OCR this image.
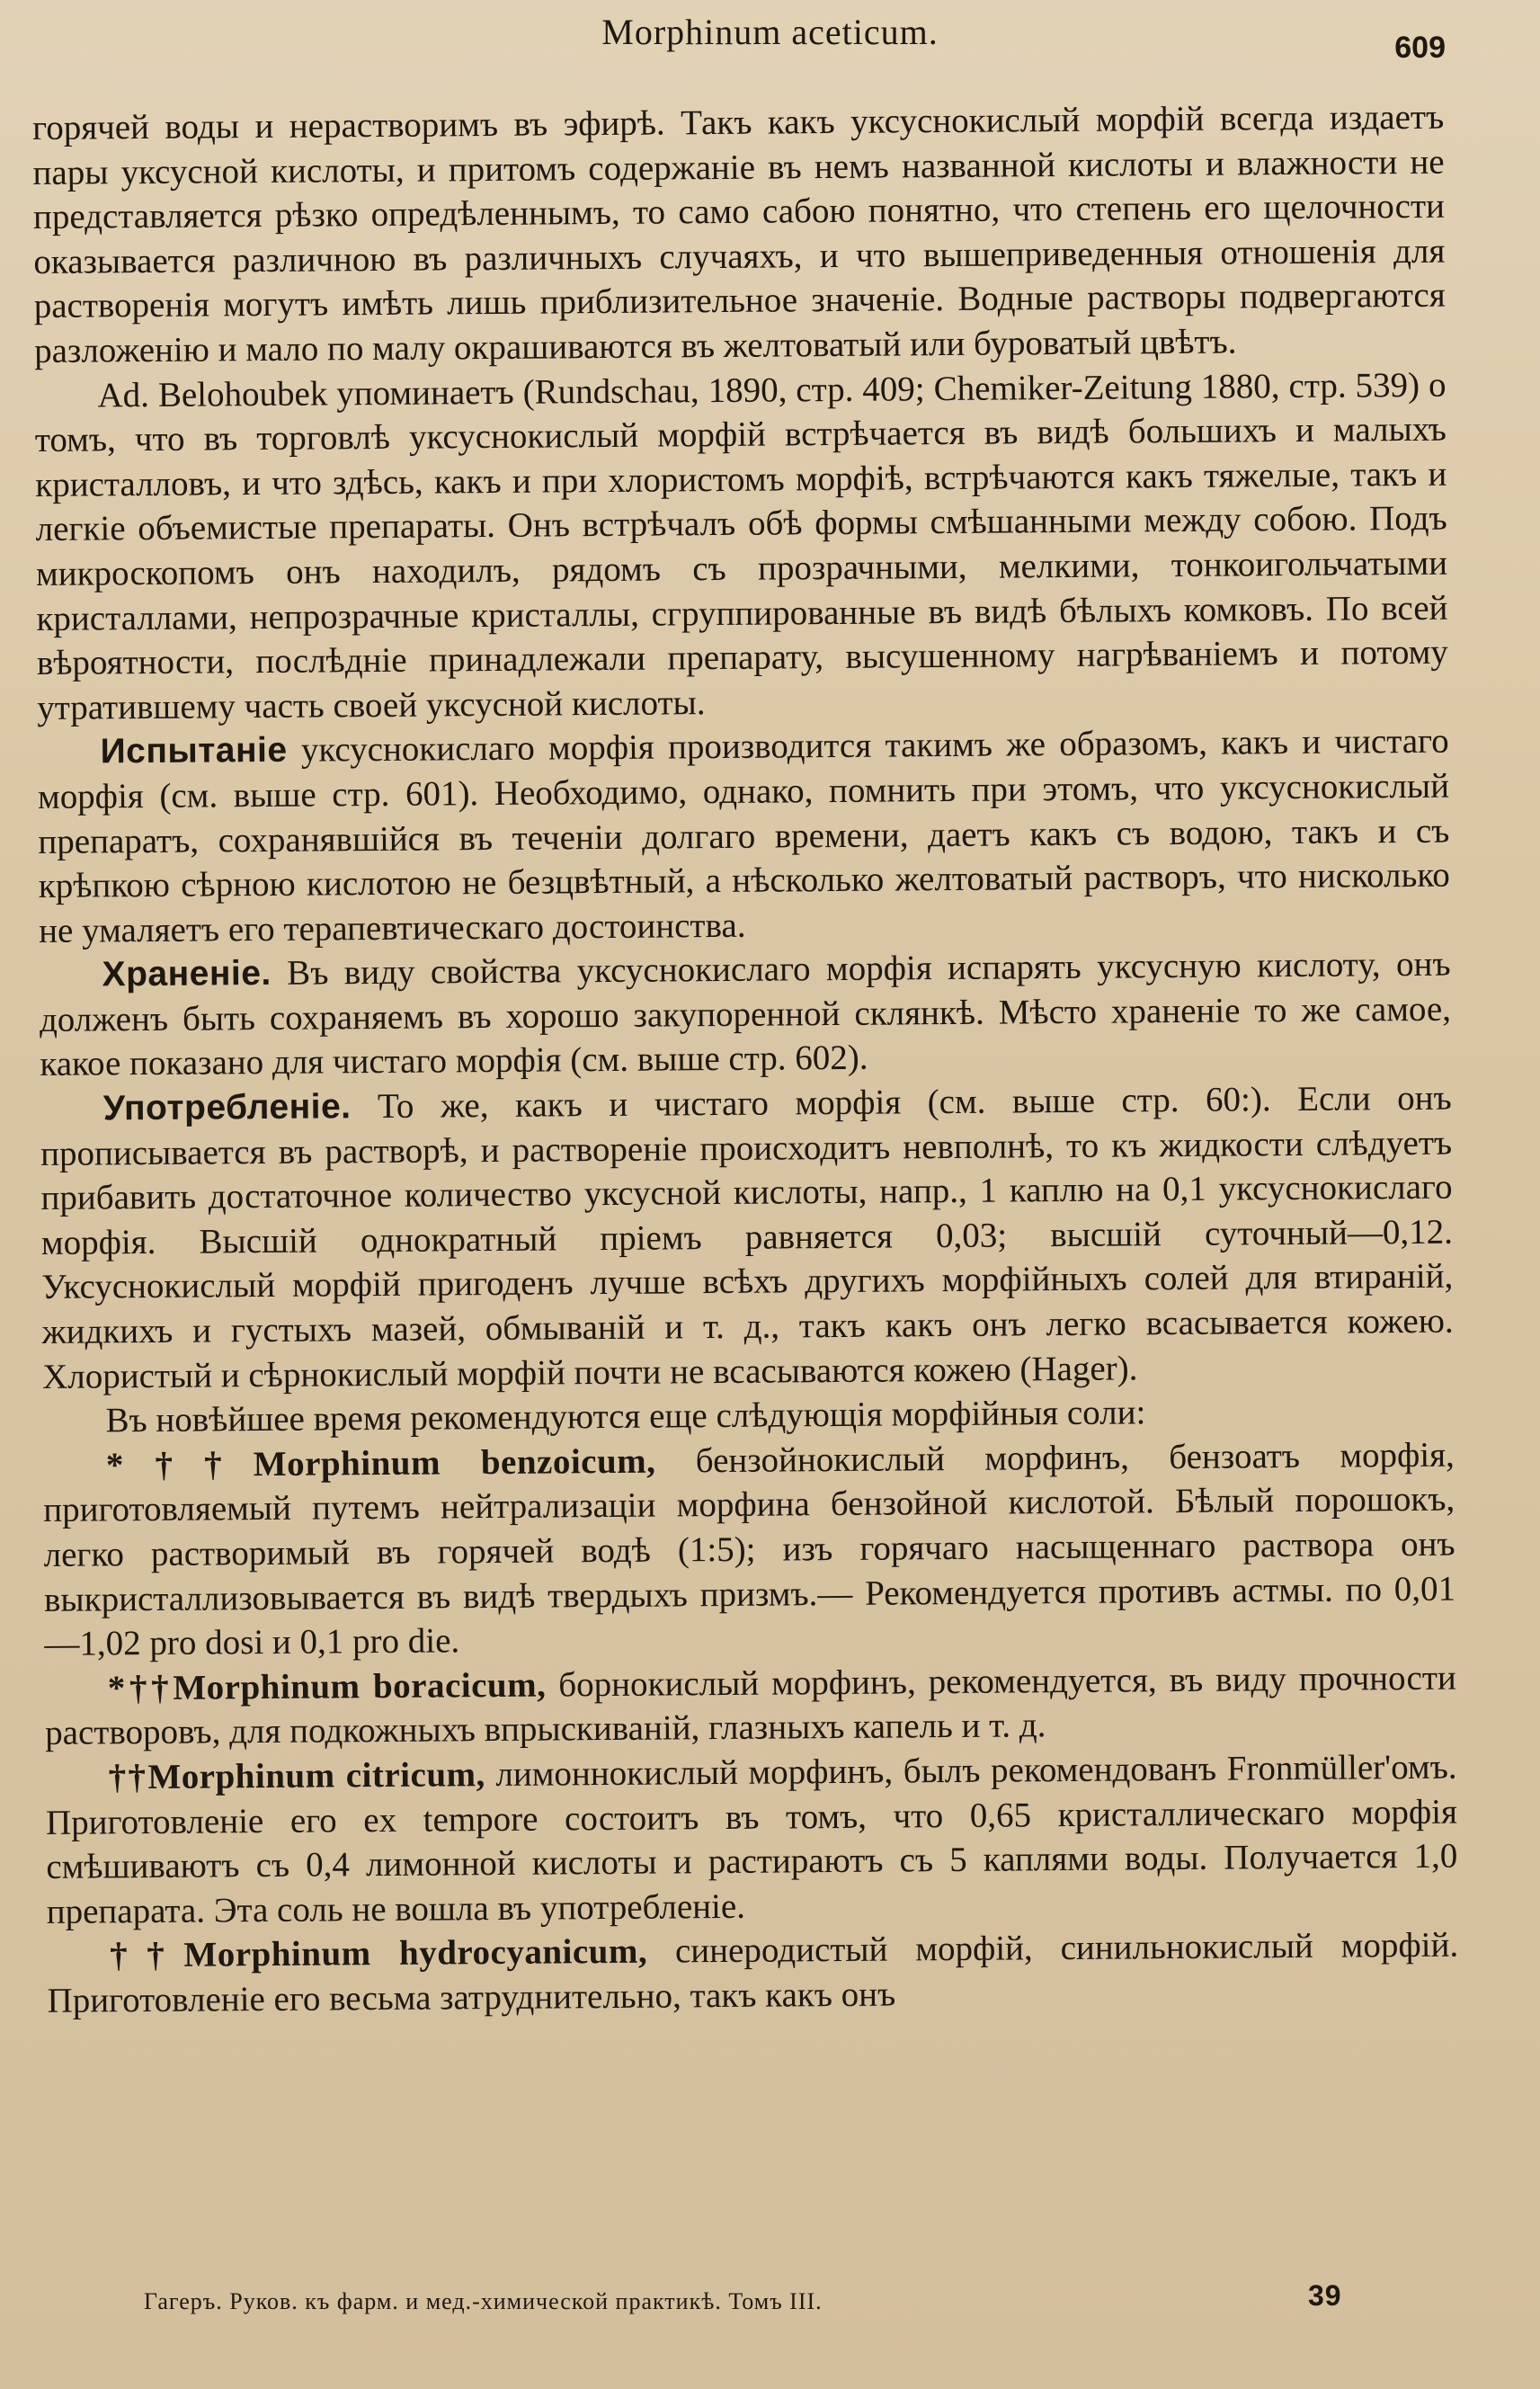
Morphinum aceticum.	609

горячей воды и нерастворимъ въ эфирѣ. Такъ какъ уксуснокислый морфій всегда издаетъ пары уксусной кислоты, и притомъ содержаніе въ немъ названной кислоты и влажности не представляется рѣзко опредѣленнымъ, то само сабою понятно, что степень его щелочности оказывается различною въ различныхъ случаяхъ, и что вышеприведенныя отношенія для растворенія могутъ имѣть лишь приблизительное значеніе. Водные растворы подвергаются разложенію и мало по малу окрашиваются въ желтоватый или буроватый цвѣтъ.

Ad. Belohoubek упоминаетъ (Rundschau, 1890, стр. 409; Chemiker-Zeitung 1880, стр. 539) о томъ, что въ торговлѣ уксуснокислый морфій встрѣчается въ видѣ большихъ и малыхъ кристалловъ, и что здѣсь, какъ и при хлористомъ морфіѣ, встрѣчаются какъ тяжелые, такъ и легкіе объемистые препараты. Онъ встрѣчалъ обѣ формы смѣшанными между собою. Подъ микроскопомъ онъ находилъ, рядомъ съ прозрачными, мелкими, тонкоигольчатыми кристаллами, непрозрачные кристаллы, сгруппированные въ видѣ бѣлыхъ комковъ. По всей вѣроятности, послѣдніе принадлежали препарату, высушенному нагрѣваніемъ и потому утратившему часть своей уксусной кислоты.

Испытаніе уксуснокислаго морфія производится такимъ же образомъ, какъ и чистаго морфія (см. выше стр. 601). Необходимо, однако, помнить при этомъ, что уксуснокислый препаратъ, сохранявшійся въ теченіи долгаго времени, даетъ какъ съ водою, такъ и съ крѣпкою сѣрною кислотою не безцвѣтный, а нѣсколько желтоватый растворъ, что нисколько не умаляетъ его терапевтическаго достоинства.

Храненіе. Въ виду свойства уксуснокислаго морфія испарять уксусную кислоту, онъ долженъ быть сохраняемъ въ хорошо закупоренной склянкѣ. Мѣсто храненіе то же самое, какое показано для чистаго морфія (см. выше стр. 602).

Употребленіе. То же, какъ и чистаго морфія (см. выше стр. 60:). Если онъ прописывается въ растворѣ, и раствореніе происходитъ невполнѣ, то къ жидкости слѣдуетъ прибавить достаточное количество уксусной кислоты, напр., 1 каплю на 0,1 уксуснокислаго морфія. Высшій однократный пріемъ равняется 0,03; высшій суточный—0,12. Уксуснокислый морфій пригоденъ лучше всѣхъ другихъ морфійныхъ солей для втираній, жидкихъ и густыхъ мазей, обмываній и т. д., такъ какъ онъ легко всасывается кожею. Хлористый и сѣрнокислый морфій почти не всасываются кожею (Hager).

Въ новѣйшее время рекомендуются еще слѣдующія морфійныя соли:

*††Morphinum benzoicum, бензойнокислый морфинъ, бензоатъ морфія, приготовляемый путемъ нейтрализаціи морфина бензойной кислотой. Бѣлый порошокъ, легко растворимый въ горячей водѣ (1:5); изъ горячаго насыщеннаго раствора онъ выкристаллизовывается въ видѣ твердыхъ призмъ.— Рекомендуется противъ астмы. по 0,01—1,02 pro dosi и 0,1 pro die.

*††Morphinum boracicum, борнокислый морфинъ, рекомендуется, въ виду прочности растворовъ, для подкожныхъ впрыскиваній, глазныхъ капель и т. д.

††Morphinum citricum, лимоннокислый морфинъ, былъ рекомендованъ Fronmüller'омъ. Приготовленіе его ex tempore состоитъ въ томъ, что 0,65 кристаллическаго морфія смѣшиваютъ съ 0,4 лимонной кислоты и растираютъ съ 5 каплями воды. Получается 1,0 препарата. Эта соль не вошла въ употребленіе.

††Morphinum hydrocyanicum, синеродистый морфій, синильнокислый морфій. Приготовленіе его весьма затруднительно, такъ какъ онъ

Гагеръ. Руков. къ фарм. и мед.-химической практикѣ. Томъ III.	39
